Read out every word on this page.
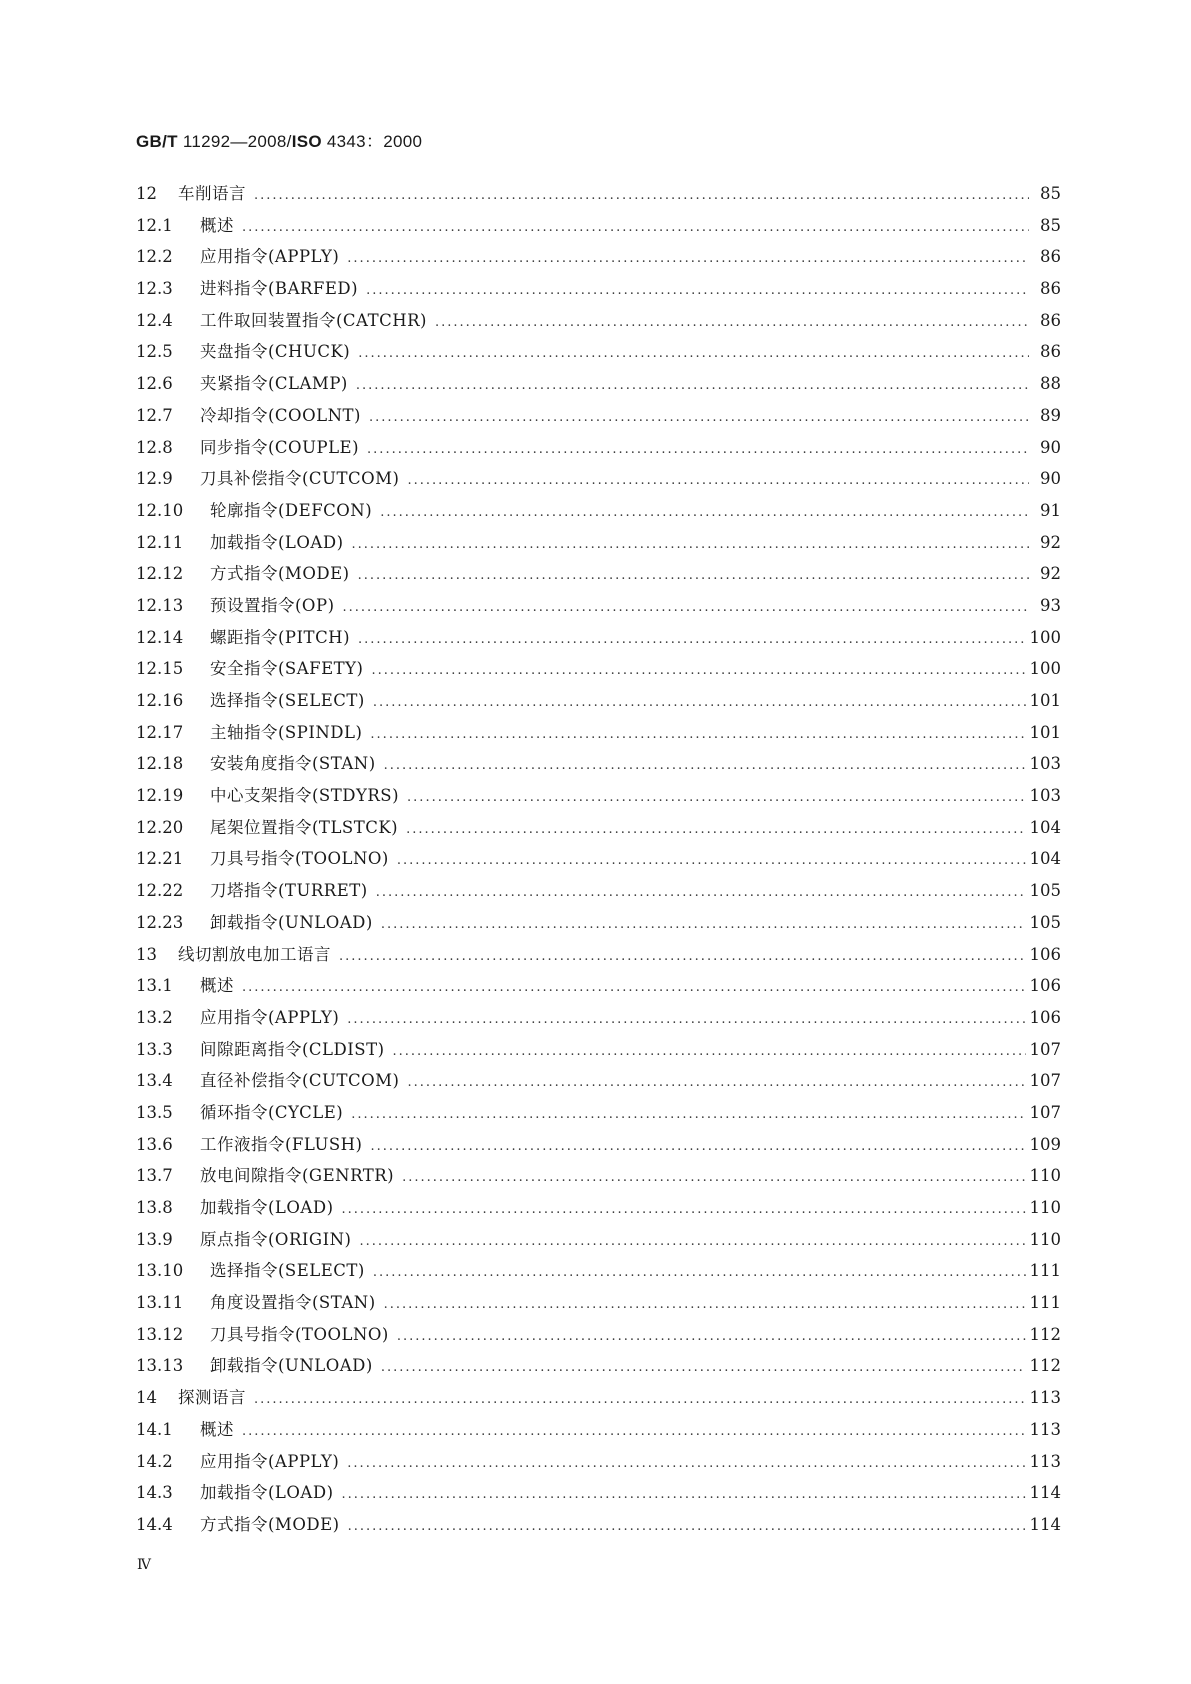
GB/T 11292—2008/ISO 4343：2000
12	车削语言 .....	85
12.1	概述 .....	85
12.2	应用指令(APPLY) .....	86
12.3	进料指令(BARFED) .....	86
12.4	工件取回装置指令(CATCHR) .....	86
12.5	夹盘指令(CHUCK) .....	86
12.6	夹紧指令(CLAMP) .....	88
12.7	冷却指令(COOLNT) .....	89
12.8	同步指令(COUPLE) .....	90
12.9	刀具补偿指令(CUTCOM) .....	90
12.10	轮廓指令(DEFCON) .....	91
12.11	加载指令(LOAD) .....	92
12.12	方式指令(MODE) .....	92
12.13	预设置指令(OP) .....	93
12.14	螺距指令(PITCH) .....	100
12.15	安全指令(SAFETY) .....	100
12.16	选择指令(SELECT) .....	101
12.17	主轴指令(SPINDL) .....	101
12.18	安装角度指令(STAN) .....	103
12.19	中心支架指令(STDYRS) .....	103
12.20	尾架位置指令(TLSTCK) .....	104
12.21	刀具号指令(TOOLNO) .....	104
12.22	刀塔指令(TURRET) .....	105
12.23	卸载指令(UNLOAD) .....	105
13	线切割放电加工语言 .....	106
13.1	概述 .....	106
13.2	应用指令(APPLY) .....	106
13.3	间隙距离指令(CLDIST) .....	107
13.4	直径补偿指令(CUTCOM) .....	107
13.5	循环指令(CYCLE) .....	107
13.6	工作液指令(FLUSH) .....	109
13.7	放电间隙指令(GENRTR) .....	110
13.8	加载指令(LOAD) .....	110
13.9	原点指令(ORIGIN) .....	110
13.10	选择指令(SELECT) .....	111
13.11	角度设置指令(STAN) .....	111
13.12	刀具号指令(TOOLNO) .....	112
13.13	卸载指令(UNLOAD) .....	112
14	探测语言 .....	113
14.1	概述 .....	113
14.2	应用指令(APPLY) .....	113
14.3	加载指令(LOAD) .....	114
14.4	方式指令(MODE) .....	114
Ⅳ
